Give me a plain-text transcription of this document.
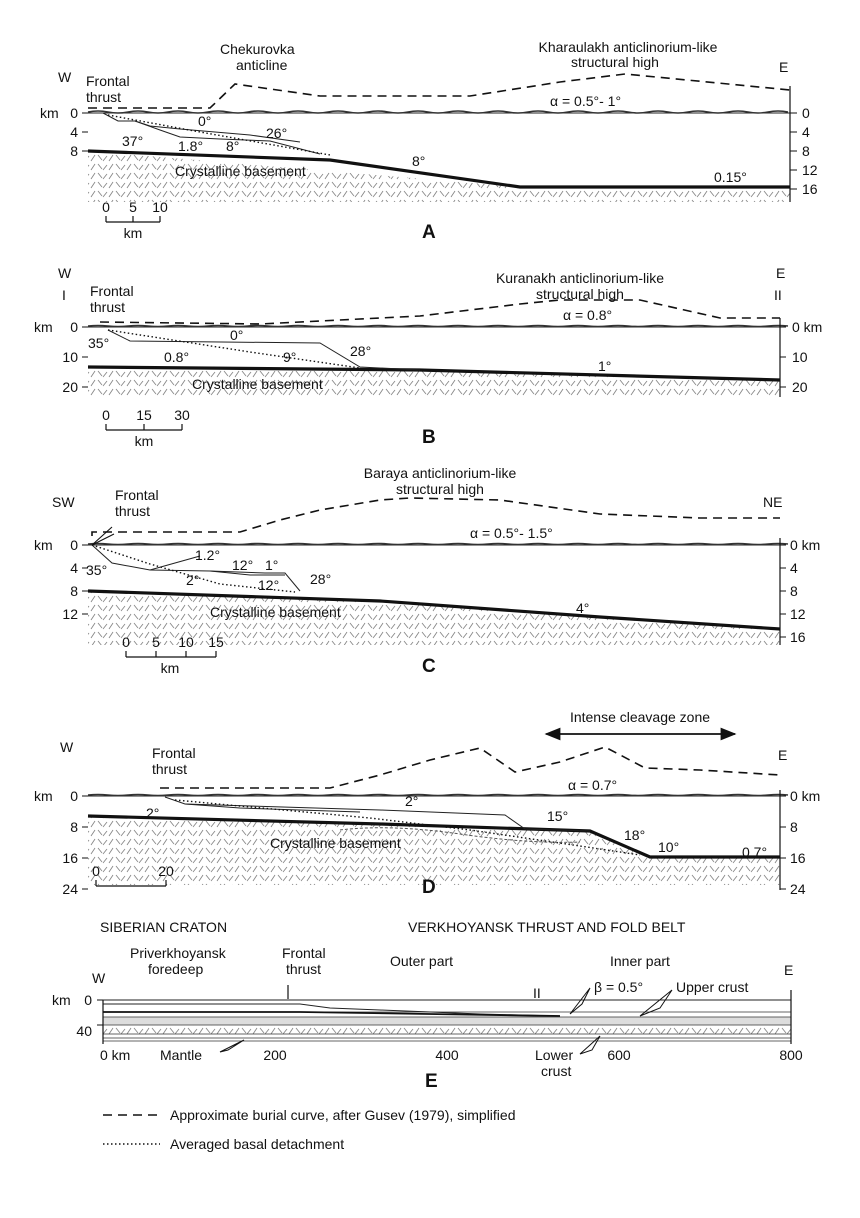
W
E
Frontal
thrust
Chekurovka
anticline
Kharaulakh anticlinorium-like
structural high
α = 0.5°- 1°
Crystalline basement
km 0
4
8
0
4
8
12
16
0°
37° 1.8° 8°
26°
8°
0.15°
0 5 10
km	A
W	E
I	II
Frontal
thrust
Kuranakh anticlinorium-like
structural high
α = 0.8°
Crystalline basement
km 0
10
20
0 km
10
20
0°
35°
0.8°	9°	28°
1°
0 15 30
km	B
SW	NE
Frontal
thrust
Baraya anticlinorium-like
structural high
α = 0.5°- 1.5°
Crystalline basement
km 0
4
8
12
0 km
4
8
12
16
35°
1.2°
12° 1°
2°	12° 28°
4°
0 5 10 15
km	C
W	E
Frontal
thrust
Intense cleavage zone
α = 0.7°
Crystalline basement
km 0
8
16
24
0 km
8
16
24
2°
2°
15°
18°
10°	0.7°
0	20
D
SIBERIAN CRATON	VERKHOYANSK THRUST AND FOLD BELT
Priverkhoyansk
foredeep
Frontal
thrust	Outer part	Inner part
W	E
II	β = 0.5° Upper crust
Lower
crust
Mantle
km 0
40
0 km	200	400	600	800
E
Approximate burial curve, after Gusev (1979), simplified
Averaged basal detachment
